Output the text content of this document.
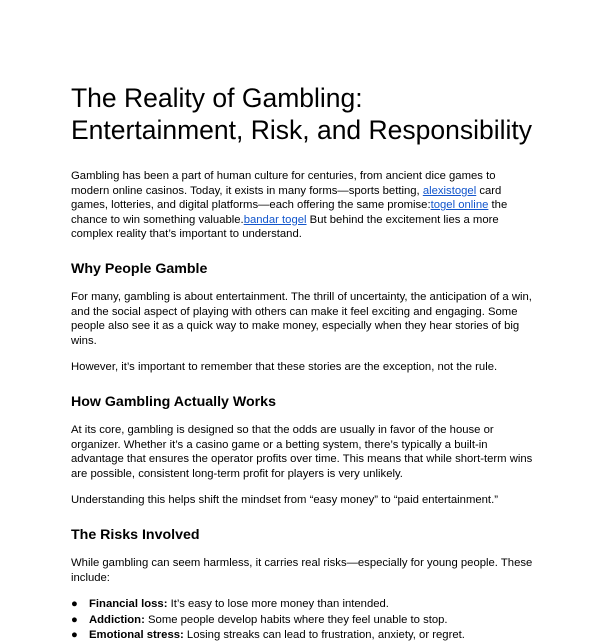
The Reality of Gambling: Entertainment, Risk, and Responsibility

Gambling has been a part of human culture for centuries, from ancient dice games to modern online casinos. Today, it exists in many forms—sports betting, alexistogel card games, lotteries, and digital platforms—each offering the same promise:togel online the chance to win something valuable.bandar togel But behind the excitement lies a more complex reality that’s important to understand.

Why People Gamble

For many, gambling is about entertainment. The thrill of uncertainty, the anticipation of a win, and the social aspect of playing with others can make it feel exciting and engaging. Some people also see it as a quick way to make money, especially when they hear stories of big wins.

However, it’s important to remember that these stories are the exception, not the rule.

How Gambling Actually Works

At its core, gambling is designed so that the odds are usually in favor of the house or organizer. Whether it’s a casino game or a betting system, there’s typically a built-in advantage that ensures the operator profits over time. This means that while short-term wins are possible, consistent long-term profit for players is very unlikely.

Understanding this helps shift the mindset from “easy money” to “paid entertainment.”

The Risks Involved

While gambling can seem harmless, it carries real risks—especially for young people. These include:

● Financial loss: It’s easy to lose more money than intended.
● Addiction: Some people develop habits where they feel unable to stop.
● Emotional stress: Losing streaks can lead to frustration, anxiety, or regret.
